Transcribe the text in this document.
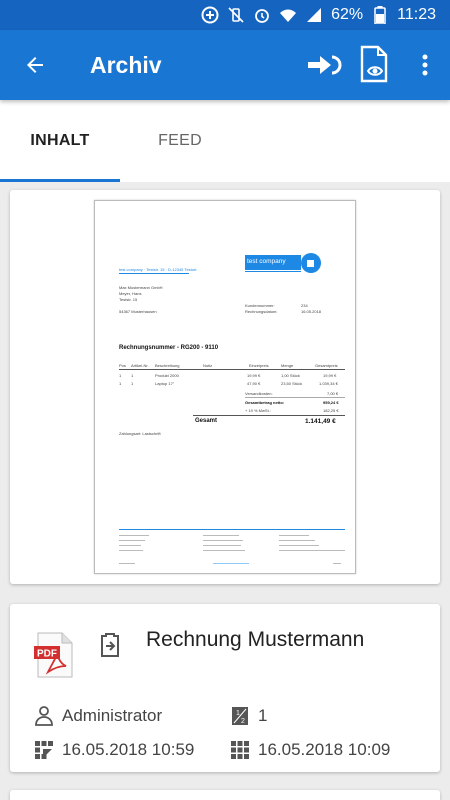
62% 11:23
Archiv
INHALT	FEED
test company
test company · Teststr. 15 · D-12345 Testort
Max Mustermann GmbH
Meyer, Hans
Teststr. 15
54367 Musterhausen
Kundennummer:	234
Rechnungsdatum:	16.05.2018
Rechnungsnummer - RG200 - 9110
Pos Artikel-Nr. Beschreibung	Notiz	Einzelpreis	Menge	Gesamtpreis
1 1	Produkt 2000	19,99 €	1,00 Stück	19,99 €
1 1	Laptop 17"	47,90 €	23,50 Stück	1.039,34 €
Versandkosten:	7,00 €
Gesamtbetrag netto:	959,24 €
+ 19 % MwSt.:	182,25 €
Gesamt	1.141,49 €
Zahlungsart: Lastschrift
PDF
Rechnung Mustermann
Administrator	1
2 1
16.05.2018 10:59	16.05.2018 10:09
